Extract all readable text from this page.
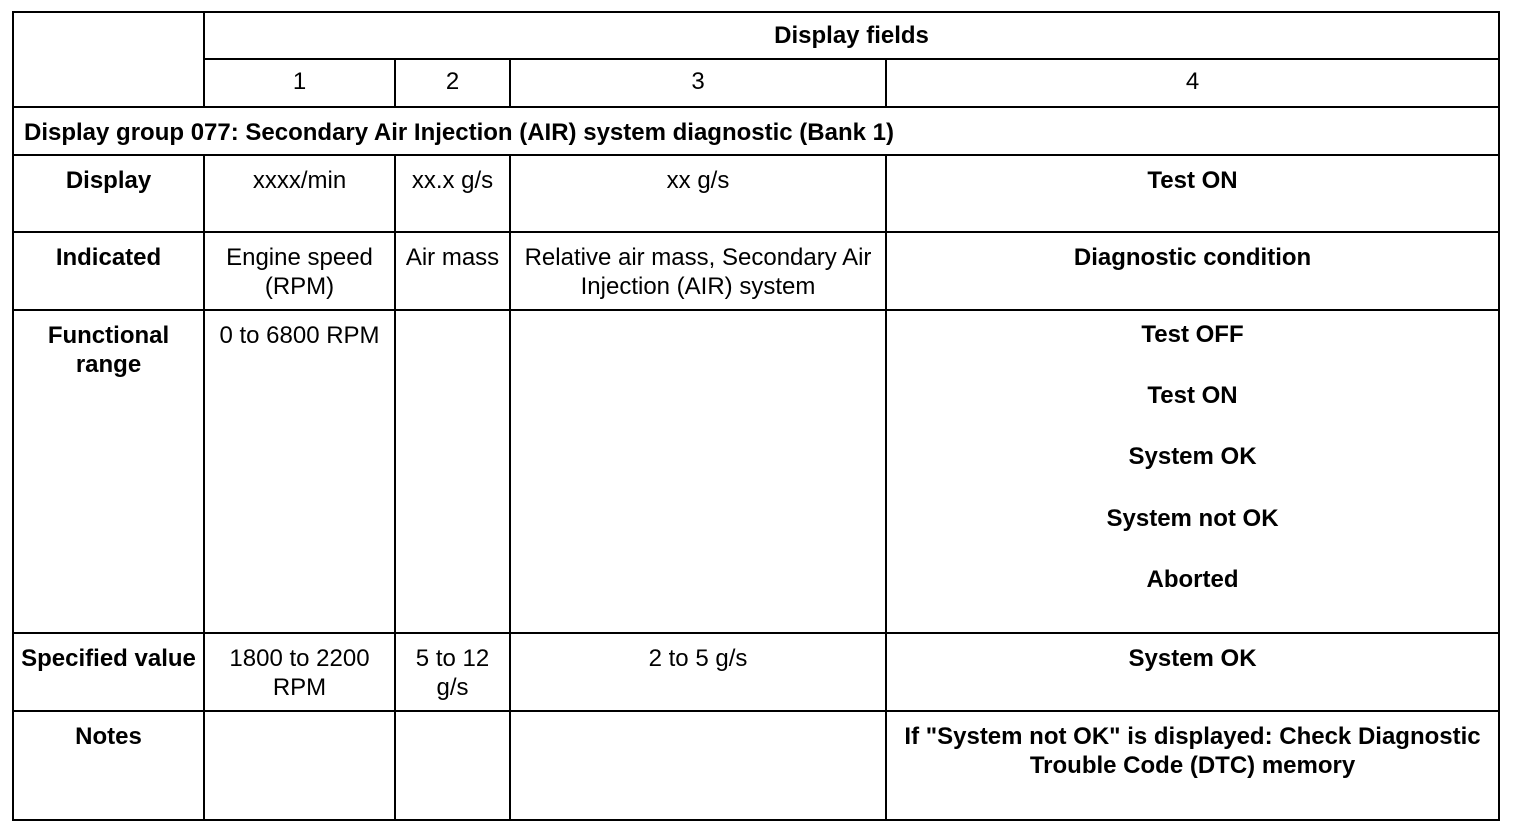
	Display fields			
	1	2	3	4
Display group 077: Secondary Air Injection (AIR) system diagnostic (Bank 1)				
Display	xxxx/min	xx.x g/s	xx g/s	Test ON
Indicated	Engine speed (RPM)	Air mass	Relative air mass, Secondary Air Injection (AIR) system	Diagnostic condition
Functional range	0 to 6800 RPM			Test OFF
Test ON
System OK
System not OK
Aborted

Specified value	1800 to 2200 RPM	5 to 12 g/s	2 to 5 g/s	System OK
Notes				If "System not OK" is displayed: Check Diagnostic Trouble Code (DTC) memory
